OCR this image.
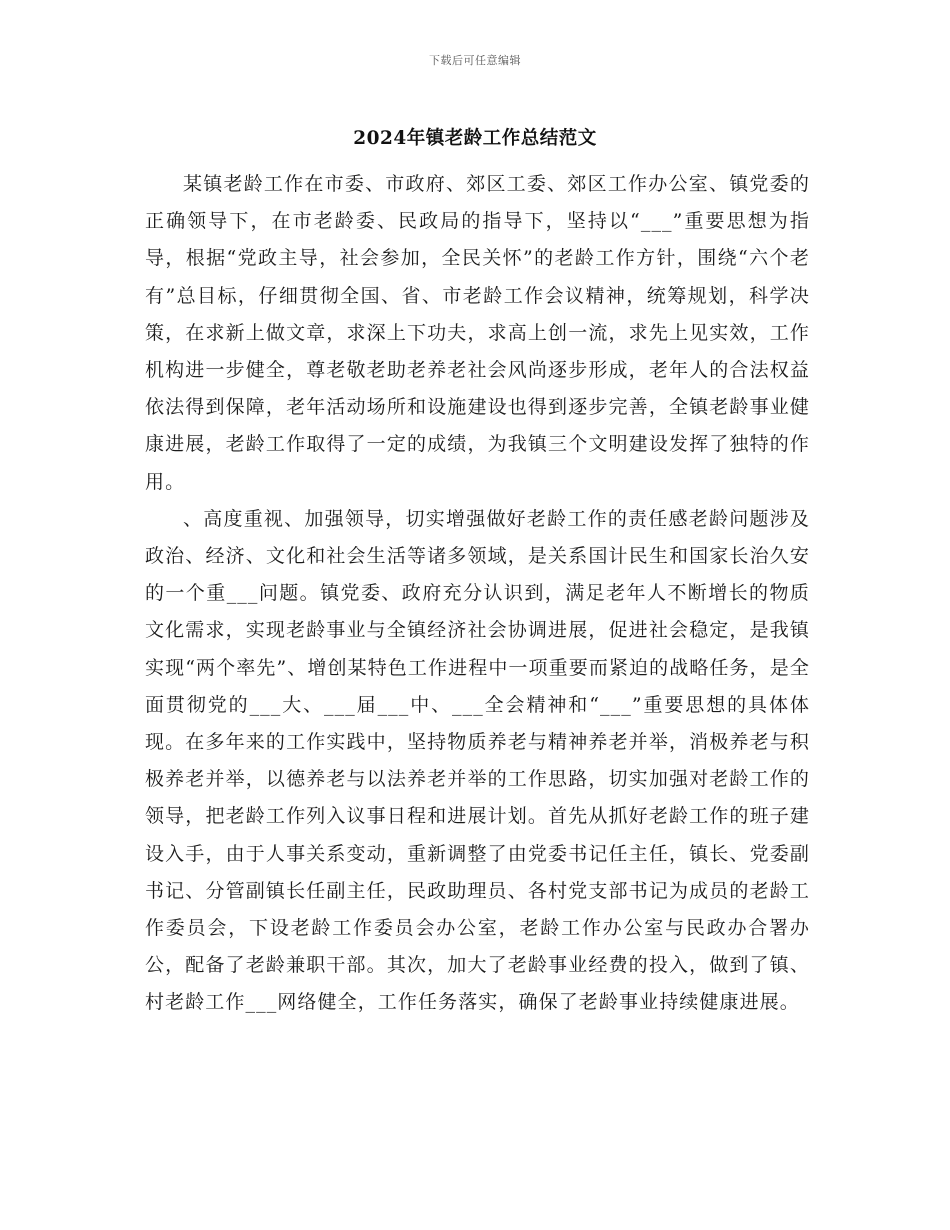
下载后可任意编辑
2024年镇老龄工作总结范文

某镇老龄工作在市委、市政府、郊区工委、郊区工作办公室、镇党委的正确领导下，在市老龄委、民政局的指导下，坚持以“___”重要思想为指导，根据“党政主导，社会参加，全民关怀”的老龄工作方针，围绕“六个老有”总目标，仔细贯彻全国、省、市老龄工作会议精神，统筹规划，科学决策，在求新上做文章，求深上下功夫，求高上创一流，求先上见实效，工作机构进一步健全，尊老敬老助老养老社会风尚逐步形成，老年人的合法权益依法得到保障，老年活动场所和设施建设也得到逐步完善，全镇老龄事业健康进展，老龄工作取得了一定的成绩，为我镇三个文明建设发挥了独特的作用。

、高度重视、加强领导，切实增强做好老龄工作的责任感老龄问题涉及政治、经济、文化和社会生活等诸多领域，是关系国计民生和国家长治久安的一个重___问题。镇党委、政府充分认识到，满足老年人不断增长的物质文化需求，实现老龄事业与全镇经济社会协调进展，促进社会稳定，是我镇实现“两个率先”、增创某特色工作进程中一项重要而紧迫的战略任务，是全面贯彻党的___大、___届___中、___全会精神和“___”重要思想的具体体现。在多年来的工作实践中，坚持物质养老与精神养老并举，消极养老与积极养老并举，以德养老与以法养老并举的工作思路，切实加强对老龄工作的领导，把老龄工作列入议事日程和进展计划。首先从抓好老龄工作的班子建设入手，由于人事关系变动，重新调整了由党委书记任主任，镇长、党委副书记、分管副镇长任副主任，民政助理员、各村党支部书记为成员的老龄工作委员会，下设老龄工作委员会办公室，老龄工作办公室与民政办合署办公，配备了老龄兼职干部。其次，加大了老龄事业经费的投入，做到了镇、村老龄工作___网络健全，工作任务落实，确保了老龄事业持续健康进展。
